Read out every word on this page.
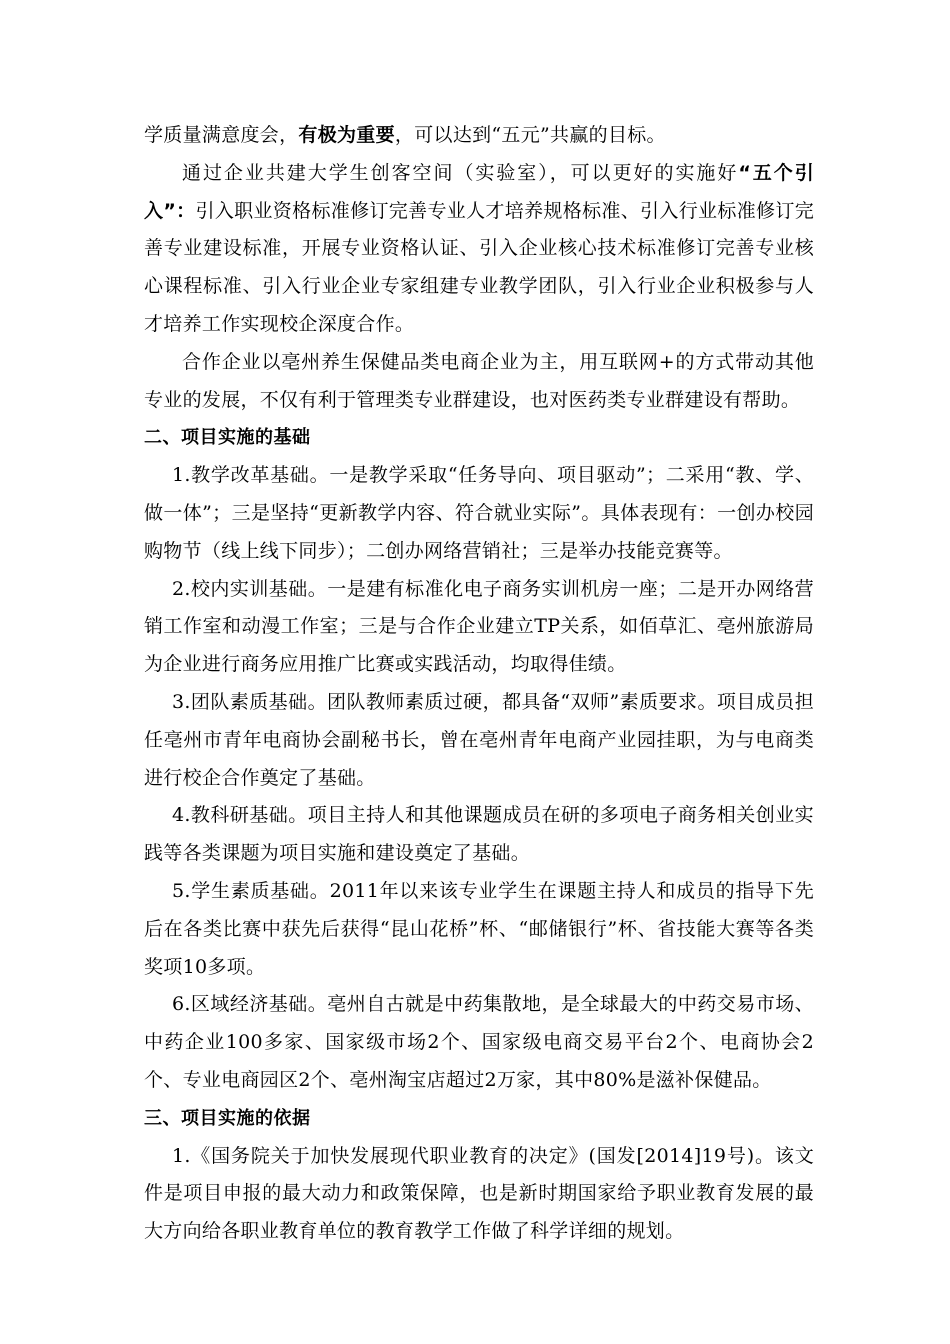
学质量满意度会，有极为重要，可以达到“五元”共赢的目标。

通过企业共建大学生创客空间（实验室），可以更好的实施好“五个引入”：引入职业资格标准修订完善专业人才培养规格标准、引入行业标准修订完善专业建设标准，开展专业资格认证、引入企业核心技术标准修订完善专业核心课程标准、引入行业企业专家组建专业教学团队，引入行业企业积极参与人才培养工作实现校企深度合作。

合作企业以亳州养生保健品类电商企业为主，用互联网+的方式带动其他专业的发展，不仅有利于管理类专业群建设，也对医药类专业群建设有帮助。

二、项目实施的基础

1.教学改革基础。一是教学采取“任务导向、项目驱动”；二采用“教、学、做一体”；三是坚持“更新教学内容、符合就业实际”。具体表现有：一创办校园购物节（线上线下同步）；二创办网络营销社；三是举办技能竞赛等。

2.校内实训基础。一是建有标准化电子商务实训机房一座；二是开办网络营销工作室和动漫工作室；三是与合作企业建立TP关系，如佰草汇、亳州旅游局为企业进行商务应用推广比赛或实践活动，均取得佳绩。

3.团队素质基础。团队教师素质过硬，都具备“双师”素质要求。项目成员担任亳州市青年电商协会副秘书长，曾在亳州青年电商产业园挂职，为与电商类进行校企合作奠定了基础。

4.教科研基础。项目主持人和其他课题成员在研的多项电子商务相关创业实践等各类课题为项目实施和建设奠定了基础。

5.学生素质基础。2011年以来该专业学生在课题主持人和成员的指导下先后在各类比赛中获先后获得“昆山花桥”杯、“邮储银行”杯、省技能大赛等各类奖项10多项。

6.区域经济基础。亳州自古就是中药集散地，是全球最大的中药交易市场、中药企业100多家、国家级市场2个、国家级电商交易平台2个、电商协会2个、专业电商园区2个、亳州淘宝店超过2万家，其中80%是滋补保健品。

三、项目实施的依据

1.《国务院关于加快发展现代职业教育的决定》(国发[2014]19号)。该文件是项目申报的最大动力和政策保障，也是新时期国家给予职业教育发展的最大方向给各职业教育单位的教育教学工作做了科学详细的规划。
